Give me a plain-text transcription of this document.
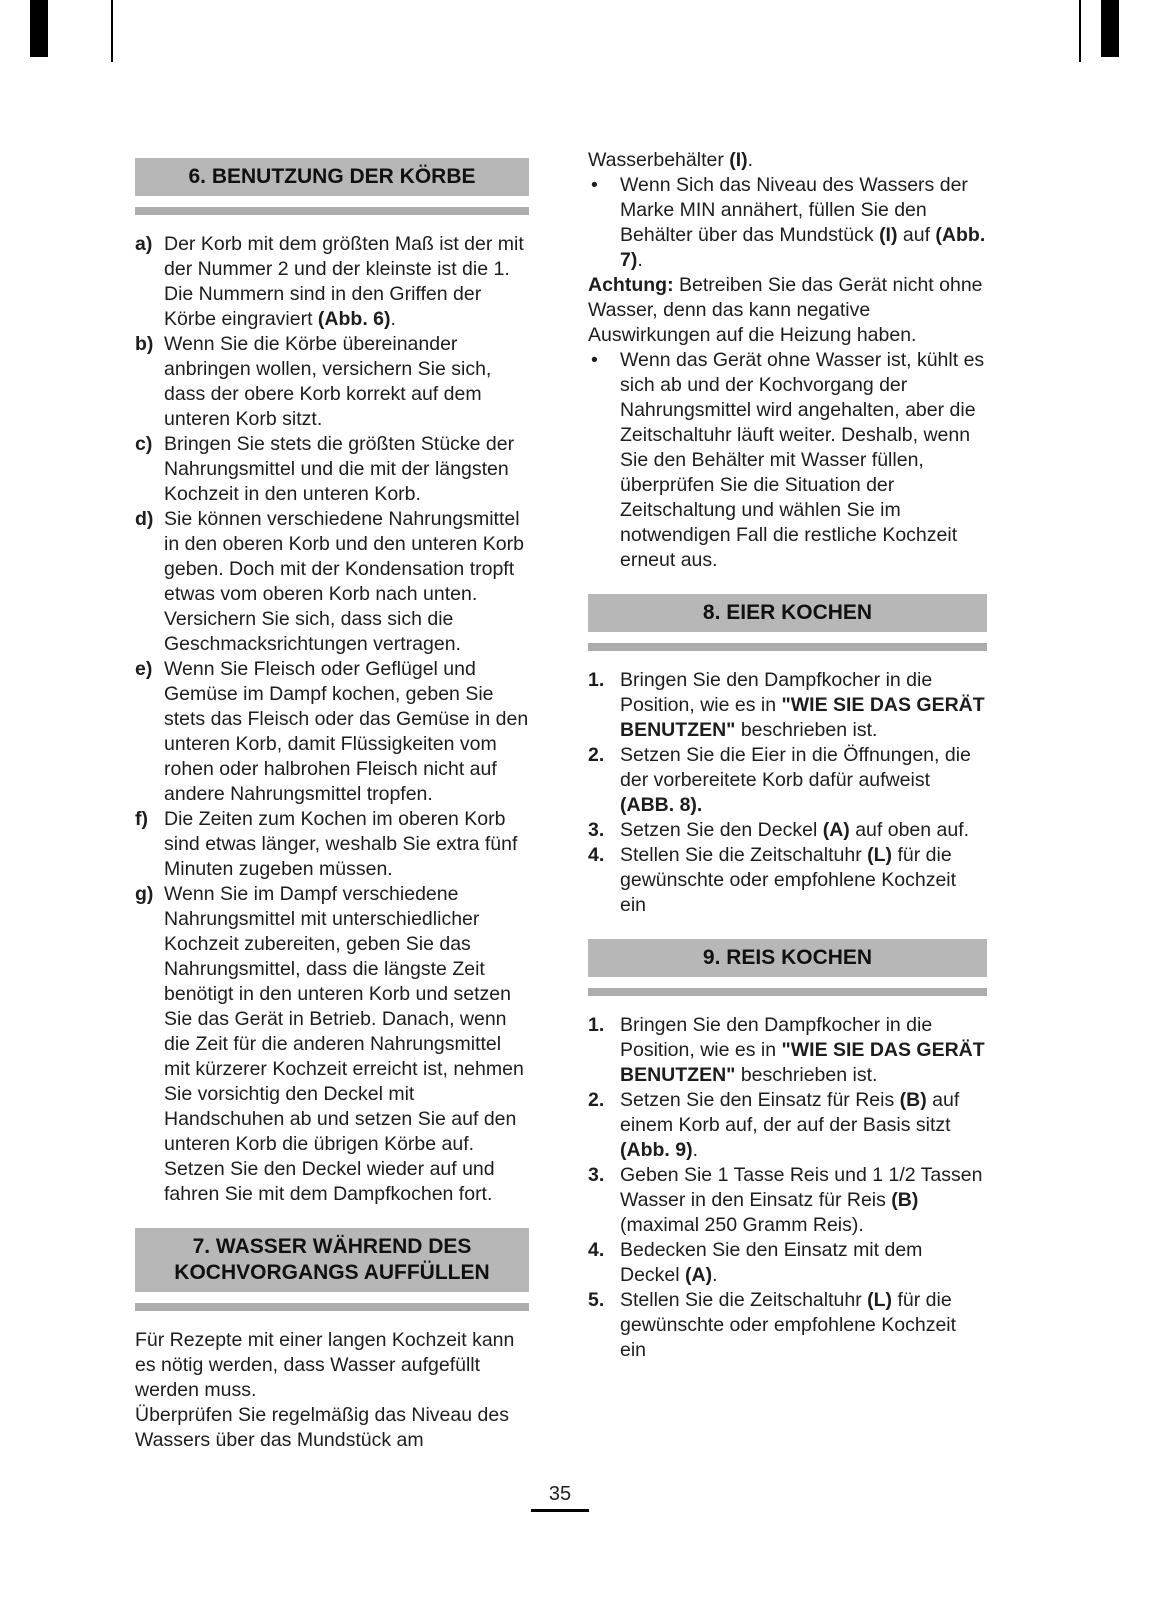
6. BENUTZUNG DER KÖRBE
a) Der Korb mit dem größten Maß ist der mit der Nummer 2 und der kleinste ist die 1. Die Nummern sind in den Griffen der Körbe eingraviert (Abb. 6).
b) Wenn Sie die Körbe übereinander anbringen wollen, versichern Sie sich, dass der obere Korb korrekt auf dem unteren Korb sitzt.
c) Bringen Sie stets die größten Stücke der Nahrungsmittel und die mit der längsten Kochzeit in den unteren Korb.
d) Sie können verschiedene Nahrungsmittel in den oberen Korb und den unteren Korb geben. Doch mit der Kondensation tropft etwas vom oberen Korb nach unten. Versichern Sie sich, dass sich die Geschmacksrichtungen vertragen.
e) Wenn Sie Fleisch oder Geflügel und Gemüse im Dampf kochen, geben Sie stets das Fleisch oder das Gemüse in den unteren Korb, damit Flüssigkeiten vom rohen oder halbrohen Fleisch nicht auf andere Nahrungsmittel tropfen.
f) Die Zeiten zum Kochen im oberen Korb sind etwas länger, weshalb Sie extra fünf Minuten zugeben müssen.
g) Wenn Sie im Dampf verschiedene Nahrungsmittel mit unterschiedlicher Kochzeit zubereiten, geben Sie das Nahrungsmittel, dass die längste Zeit benötigt in den unteren Korb und setzen Sie das Gerät in Betrieb. Danach, wenn die Zeit für die anderen Nahrungsmittel mit kürzerer Kochzeit erreicht ist, nehmen Sie vorsichtig den Deckel mit Handschuhen ab und setzen Sie auf den unteren Korb die übrigen Körbe auf. Setzen Sie den Deckel wieder auf und fahren Sie mit dem Dampfkochen fort.
7. WASSER WÄHREND DES KOCHVORGANGS AUFFÜLLEN
Für Rezepte mit einer langen Kochzeit kann es nötig werden, dass Wasser aufgefüllt werden muss.
Überprüfen Sie regelmäßig das Niveau des Wassers über das Mundstück am
Wasserbehälter (I).
• Wenn Sich das Niveau des Wassers der Marke MIN annähert, füllen Sie den Behälter über das Mundstück (I) auf (Abb. 7).
Achtung: Betreiben Sie das Gerät nicht ohne Wasser, denn das kann negative Auswirkungen auf die Heizung haben.
• Wenn das Gerät ohne Wasser ist, kühlt es sich ab und der Kochvorgang der Nahrungsmittel wird angehalten, aber die Zeitschaltuhr läuft weiter. Deshalb, wenn Sie den Behälter mit Wasser füllen, überprüfen Sie die Situation der Zeitschaltung und wählen Sie im notwendigen Fall die restliche Kochzeit erneut aus.
8. EIER KOCHEN
1. Bringen Sie den Dampfkocher in die Position, wie es in "WIE SIE DAS GERÄT BENUTZEN" beschrieben ist.
2. Setzen Sie die Eier in die Öffnungen, die der vorbereitete Korb dafür aufweist (ABB. 8).
3. Setzen Sie den Deckel (A) auf oben auf.
4. Stellen Sie die Zeitschaltuhr (L) für die gewünschte oder empfohlene Kochzeit ein
9. REIS KOCHEN
1. Bringen Sie den Dampfkocher in die Position, wie es in "WIE SIE DAS GERÄT BENUTZEN" beschrieben ist.
2. Setzen Sie den Einsatz für Reis (B) auf einem Korb auf, der auf der Basis sitzt (Abb. 9).
3. Geben Sie 1 Tasse Reis und 1 1/2 Tassen Wasser in den Einsatz für Reis (B) (maximal 250 Gramm Reis).
4. Bedecken Sie den Einsatz mit dem Deckel (A).
5. Stellen Sie die Zeitschaltuhr (L) für die gewünschte oder empfohlene Kochzeit ein
35
